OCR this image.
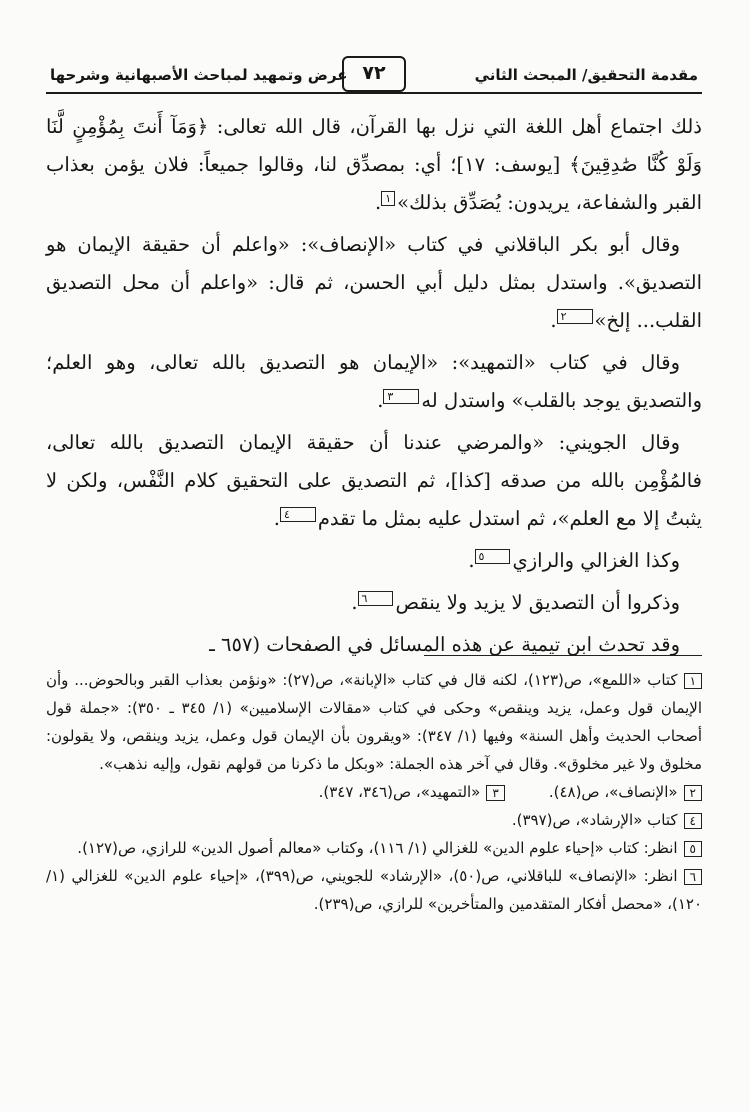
مقدمة التحقيق/ المبحث الثاني
٧٢
عرض وتمهيد لمباحث الأصبهانية وشرحها

ذلك اجتماع أهل اللغة التي نزل بها القرآن، قال الله تعالى: ﴿وَمَآ أَنتَ بِمُؤْمِنٍ لَّنَا وَلَوْ كُنَّا صَٰدِقِينَ﴾ [يوسف: ١٧]؛ أي: بمصدِّق لنا، وقالوا جميعاً: فلان يؤمن بعذاب القبر والشفاعة، يريدون: يُصَدِّق بذلك»١.

وقال أبو بكر الباقلاني في كتاب «الإنصاف»: «واعلم أن حقيقة الإيمان هو التصديق». واستدل بمثل دليل أبي الحسن، ثم قال: «واعلم أن محل التصديق القلب... إلخ»٢.

وقال في كتاب «التمهيد»: «الإيمان هو التصديق بالله تعالى، وهو العلم؛ والتصديق يوجد بالقلب» واستدل له٣.

وقال الجويني: «والمرضي عندنا أن حقيقة الإيمان التصديق بالله تعالى، فالمُؤْمِن بالله من صدقه [كذا]، ثم التصديق على التحقيق كلام النَّفْس، ولكن لا يثبتُ إلا مع العلم»، ثم استدل عليه بمثل ما تقدم٤.

وكذا الغزالي والرازي٥.

وذكروا أن التصديق لا يزيد ولا ينقص٦.

وقد تحدث ابن تيمية عن هذه المسائل في الصفحات (٦٥٧ ـ

١كتاب «اللمع»، ص(١٢٣)، لكنه قال في كتاب «الإبانة»، ص(٢٧): «ونؤمن بعذاب القبر وبالحوض... وأن الإيمان قول وعمل، يزيد وينقص» وحكى في كتاب «مقالات الإسلاميين» (١/ ٣٤٥ ـ ٣٥٠): «جملة قول أصحاب الحديث وأهل السنة» وفيها (١/ ٣٤٧): «ويقرون بأن الإيمان قول وعمل، يزيد وينقص، ولا يقولون: مخلوق ولا غير مخلوق». وقال في آخر هذه الجملة: «وبكل ما ذكرنا من قولهم نقول، وإليه نذهب».

٢«الإنصاف»، ص(٤٨).

٣«التمهيد»، ص(٣٤٦، ٣٤٧).

٤كتاب «الإرشاد»، ص(٣٩٧).

٥انظر: كتاب «إحياء علوم الدين» للغزالي (١/ ١١٦)، وكتاب «معالم أصول الدين» للرازي، ص(١٢٧).

٦انظر: «الإنصاف» للباقلاني، ص(٥٠)، «الإرشاد» للجويني، ص(٣٩٩)، «إحياء علوم الدين» للغزالي (١/ ١٢٠)، «محصل أفكار المتقدمين والمتأخرين» للرازي، ص(٢٣٩).
